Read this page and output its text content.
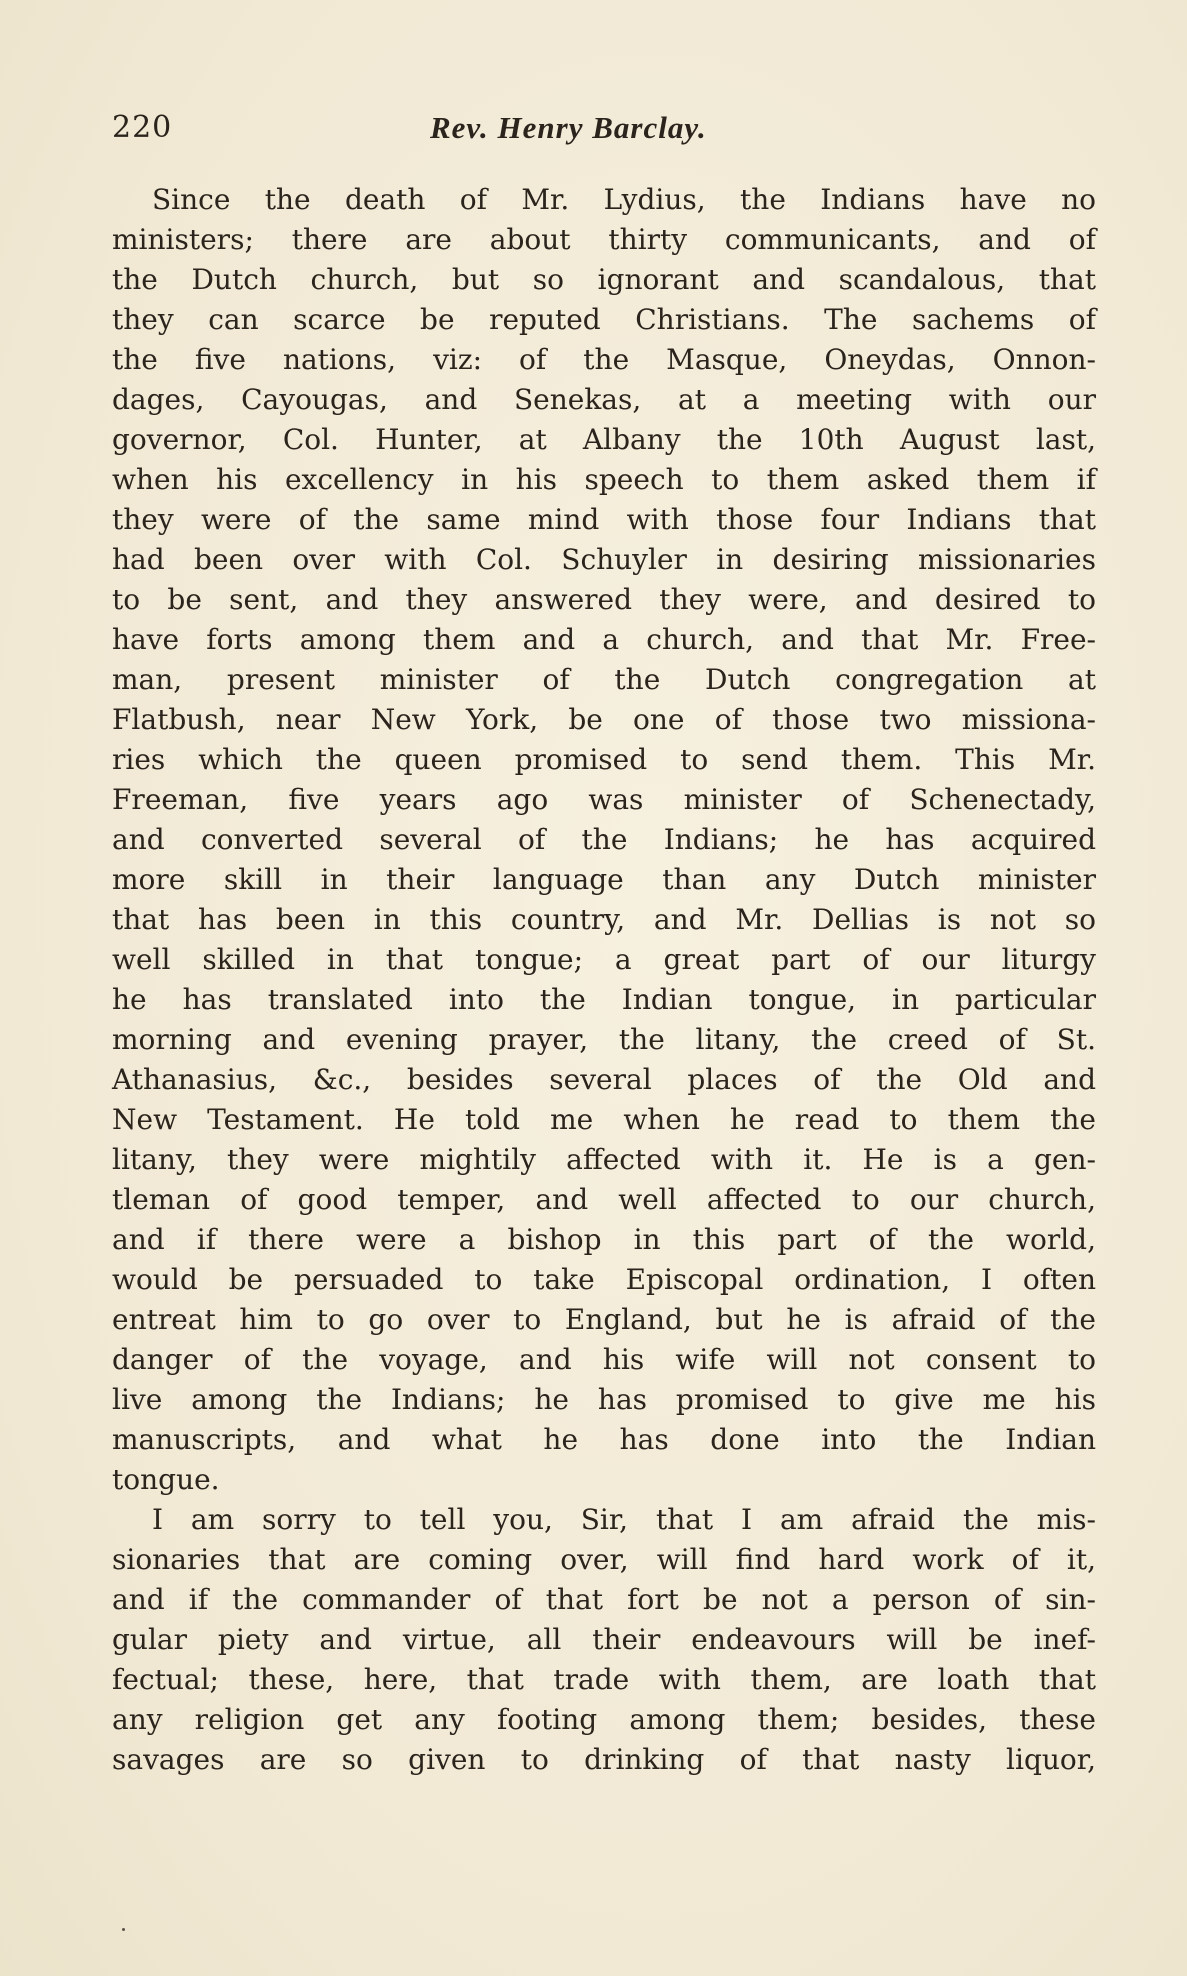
220	Rev. Henry Barclay.
Since the death of Mr. Lydius, the Indians have no
ministers; there are about thirty communicants, and of
the Dutch church, but so ignorant and scandalous, that
they can scarce be reputed Christians. The sachems of
the five nations, viz: of the Masque, Oneydas, Onnon-
dages, Cayougas, and Senekas, at a meeting with our
governor, Col. Hunter, at Albany the 10th August last,
when his excellency in his speech to them asked them if
they were of the same mind with those four Indians that
had been over with Col. Schuyler in desiring missionaries
to be sent, and they answered they were, and desired to
have forts among them and a church, and that Mr. Free-
man, present minister of the Dutch congregation at
Flatbush, near New York, be one of those two missiona-
ries which the queen promised to send them. This Mr.
Freeman, five years ago was minister of Schenectady,
and converted several of the Indians; he has acquired
more skill in their language than any Dutch minister
that has been in this country, and Mr. Dellias is not so
well skilled in that tongue; a great part of our liturgy
he has translated into the Indian tongue, in particular
morning and evening prayer, the litany, the creed of St.
Athanasius, &c., besides several places of the Old and
New Testament. He told me when he read to them the
litany, they were mightily affected with it. He is a gen-
tleman of good temper, and well affected to our church,
and if there were a bishop in this part of the world,
would be persuaded to take Episcopal ordination, I often
entreat him to go over to England, but he is afraid of the
danger of the voyage, and his wife will not consent to
live among the Indians; he has promised to give me his
manuscripts, and what he has done into the Indian
tongue.
I am sorry to tell you, Sir, that I am afraid the mis-
sionaries that are coming over, will find hard work of it,
and if the commander of that fort be not a person of sin-
gular piety and virtue, all their endeavours will be inef-
fectual; these, here, that trade with them, are loath that
any religion get any footing among them; besides, these
savages are so given to drinking of that nasty liquor,
